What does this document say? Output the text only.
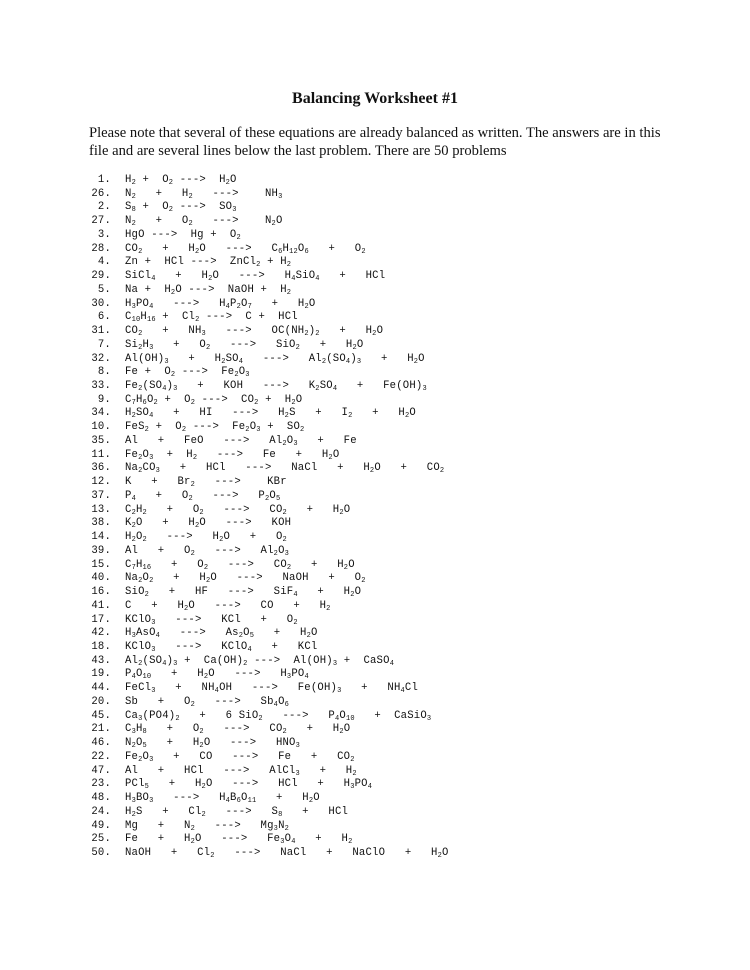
Balancing Worksheet #1
Please note that several of these equations are already balanced as written. The answers are in this file and are several lines below the last problem. There are 50 problems
1. $H_2 + O_2$ --->  $H_2O$
26. $N_2 + H_2$   --->    $NH_3$
2. $S_8 + O_2$ --->  $SO_3$
27. $N_2 + O_2$   --->    $N_2O$
3. HgO --->  $Hg + O_2$
28. $CO_2 + H_2O$   --->   $C_6H_{12}O_6 + O_2$
4. Zn +  HCl --->  ZnCl$_2$ + $H_2$
29. SiCl$_4$   +   $H_2O$   --->   $H_4SiO_4$   +   HCl
5. $Na + H_2O$ --->  NaOH +  $H_2$
30. $H_3PO_4$   --->   $H_4P_2O_7 + H_2O$
6. $C_{10}H_{16} + Cl_2$ --->  C +  HCl
31. $CO_2 + NH_3$   --->   $OC(NH_2)_2 + H_2O$
7. $Si_2H_3 + O_2$   --->   $SiO_2 + H_2O$
32. $Al(OH)_3 + H_2SO_4$   --->   $Al_2(SO_4)_3 + H_2O$
8. $Fe + O_2$ --->  $Fe_2O_3$
33. $Fe_2(SO_4)_3$   +   KOH   --->   $K_2SO_4 + Fe(OH)_3$
9. $C_7H_6O_2 + O_2$ --->  $CO_2 + H_2O$
34. $H_2SO_4$   +   HI   --->   $H_2S + I_2 + H_2O$
10. $FeS_2 + O_2$ --->  $Fe_2O_3 + SO_2$
35. Al   +   FeO   --->   $Al_2O_3 + Fe$
11. $Fe_2O_3 + H_2$   --->   $Fe + H_2O$
36. $Na_2CO_3$   +   HCl   --->   NaCl   +   $H_2O + CO_2$
12. $K + Br_2$   --->    KBr
37. $P_4 + O_2$   --->   $P_2O_5$
13. $C_2H_2 + O_2$   --->   $CO_2 + H_2O$
38. $K_2O + H_2O$   --->   KOH
14. $H_2O_2$   --->   $H_2O + O_2$
39. $Al + O_2$   --->   $Al_2O_3$
15. $C_7H_{16} + O_2$   --->   $CO_2 + H_2O$
40. $Na_2O_2 + H_2O$   --->   NaOH   +   $O_2$
16. SiO$_2$   +   HF   --->   $SiF_4 + H_2O$
41. $C + H_2O$   --->   CO   +   $H_2$
17. KClO$_3$   --->   KCl   +   $O_2$
42. $H_3AsO_4$   --->   $As_2O_5 + H_2O$
18. KClO$_3$   --->   KClO$_4$   +   KCl
43. $Al_2(SO_4)_3 + Ca(OH)_2$ --->  $Al(OH)_3$ +  CaSO$_4$
19. $P_4O_{10} + H_2O$   --->   $H_3PO_4$
44. FeCl$_3$   +   $NH_4OH$   --->   $Fe(OH)_3 + NH_4Cl$
20. $Sb + O_2$   --->   $Sb_4O_6$
45. $Ca_3(PO4)_2 + 6$ SiO$_2$   --->   $P_4O_{10}$   +  CaSiO$_3$
21. $C_3H_8 + O_2$   --->   $CO_2 + H_2O$
46. $N_2O_5 + H_2O$   --->   $HNO_3$
22. $Fe_2O_3$   +   CO   --->   $Fe + CO_2$
47. Al   +   HCl   --->   AlCl$_3$   +   $H_2$
23. $PCl_5 + H_2O$   --->   HCl   +   $H_3PO_4$
48. $H_3BO_3$   --->   $H_4B_6O_{11} + H_2O$
24. $H_2S + Cl_2$   --->   $S_8$   +   HCl
49. $Mg + N_2$   --->   $Mg_3N_2$
25. $Fe + H_2O$   --->   $Fe_3O_4 + H_2$
50. NaOH   +   $Cl_2$   --->   NaCl   +   NaClO   +   $H_2O$
